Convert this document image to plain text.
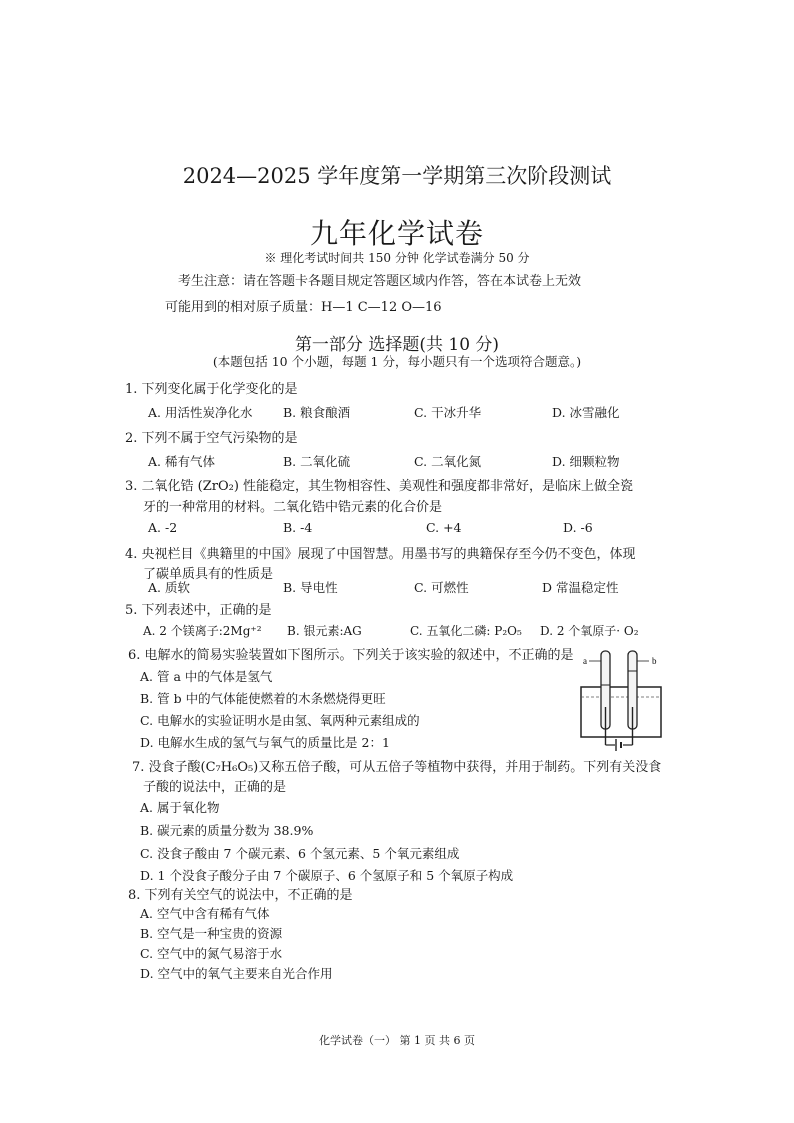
2024—2025 学年度第一学期第三次阶段测试
九年化学试卷
※ 理化考试时间共 150 分钟 化学试卷满分 50 分
考生注意：请在答题卡各题目规定答题区域内作答，答在本试卷上无效
可能用到的相对原子质量：H—1 C—12 O—16
第一部分 选择题(共 10 分)
(本题包括 10 个小题，每题 1 分，每小题只有一个选项符合题意。)
1. 下列变化属于化学变化的是
A. 用活性炭净化水 B. 粮食酿酒	C. 干冰升华	D. 冰雪融化
2. 下列不属于空气污染物的是
A. 稀有气体	B. 二氧化硫	C. 二氧化氮	D. 细颗粒物
3. 二氧化锆 (ZrO₂) 性能稳定，其生物相容性、美观性和强度都非常好，是临床上做全瓷
牙的一种常用的材料。二氧化锆中锆元素的化合价是
A. -2	B. -4	C. +4	D. -6
4. 央视栏目《典籍里的中国》展现了中国智慧。用墨书写的典籍保存至今仍不变色，体现
了碳单质具有的性质是
A. 质软	B. 导电性	C. 可燃性	D 常温稳定性
5. 下列表述中，正确的是
A. 2 个镁离子:2Mg⁺² B. 银元素:AG	C. 五氧化二磷: P₂O₅ D. 2 个氧原子· O₂
6. 电解水的简易实验装置如下图所示。下列关于该实验的叙述中，不正确的是
A. 管 a 中的气体是氢气
B. 管 b 中的气体能使燃着的木条燃烧得更旺
C. 电解水的实验证明水是由氢、氧两种元素组成的
D. 电解水生成的氢气与氧气的质量比是 2：1
a	b
7. 没食子酸(C₇H₆O₅)又称五倍子酸，可从五倍子等植物中获得，并用于制药。下列有关没食
子酸的说法中，正确的是
A. 属于氧化物
B. 碳元素的质量分数为 38.9%
C. 没食子酸由 7 个碳元素、6 个氢元素、5 个氧元素组成
D. 1 个没食子酸分子由 7 个碳原子、6 个氢原子和 5 个氧原子构成
8. 下列有关空气的说法中，不正确的是
A. 空气中含有稀有气体
B. 空气是一种宝贵的资源
C. 空气中的氮气易溶于水
D. 空气中的氧气主要来自光合作用
化学试卷（一） 第 1 页 共 6 页
